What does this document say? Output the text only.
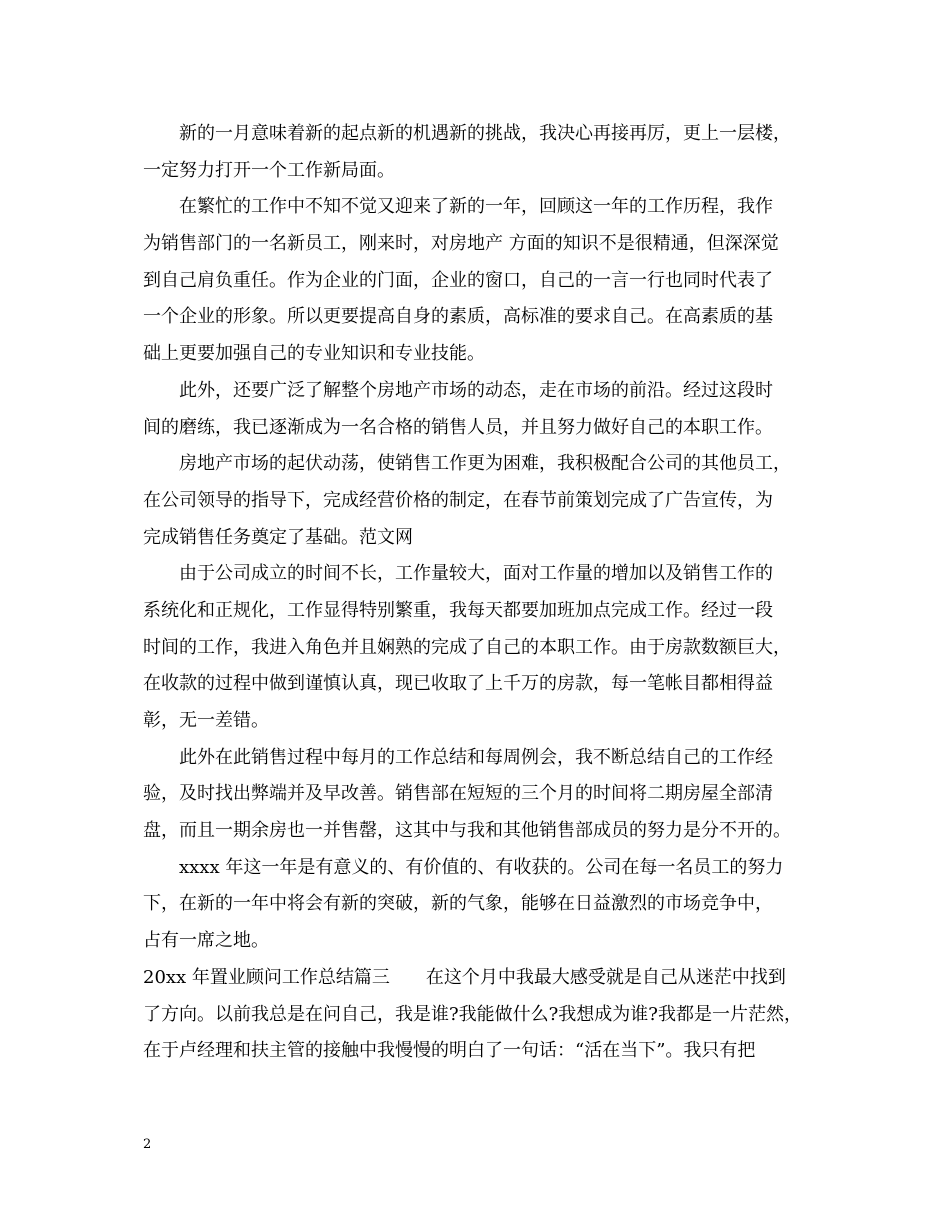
新的一月意味着新的起点新的机遇新的挑战，我决心再接再厉，更上一层楼，
一定努力打开一个工作新局面。
在繁忙的工作中不知不觉又迎来了新的一年，回顾这一年的工作历程，我作
为销售部门的一名新员工，刚来时，对房地产 方面的知识不是很精通，但深深觉
到自己肩负重任。作为企业的门面，企业的窗口，自己的一言一行也同时代表了
一个企业的形象。所以更要提高自身的素质，高标准的要求自己。在高素质的基
础上更要加强自己的专业知识和专业技能。
此外，还要广泛了解整个房地产市场的动态，走在市场的前沿。经过这段时
间的磨练，我已逐渐成为一名合格的销售人员，并且努力做好自己的本职工作。
房地产市场的起伏动荡，使销售工作更为困难，我积极配合公司的其他员工，
在公司领导的指导下，完成经营价格的制定，在春节前策划完成了广告宣传，为
完成销售任务奠定了基础。范文网
由于公司成立的时间不长，工作量较大，面对工作量的增加以及销售工作的
系统化和正规化，工作显得特别繁重，我每天都要加班加点完成工作。经过一段
时间的工作，我进入角色并且娴熟的完成了自己的本职工作。由于房款数额巨大，
在收款的过程中做到谨慎认真，现已收取了上千万的房款，每一笔帐目都相得益
彰，无一差错。
此外在此销售过程中每月的工作总结和每周例会，我不断总结自己的工作经
验，及时找出弊端并及早改善。销售部在短短的三个月的时间将二期房屋全部清
盘，而且一期余房也一并售罄，这其中与我和其他销售部成员的努力是分不开的。
xxxx 年这一年是有意义的、有价值的、有收获的。公司在每一名员工的努力
下，在新的一年中将会有新的突破，新的气象，能够在日益激烈的市场竞争中，
占有一席之地。
20xx 年置业顾问工作总结篇三　　在这个月中我最大感受就是自己从迷茫中找到
了方向。以前我总是在问自己，我是谁?我能做什么?我想成为谁?我都是一片茫然，
在于卢经理和扶主管的接触中我慢慢的明白了一句话：“活在当下”。我只有把
2
